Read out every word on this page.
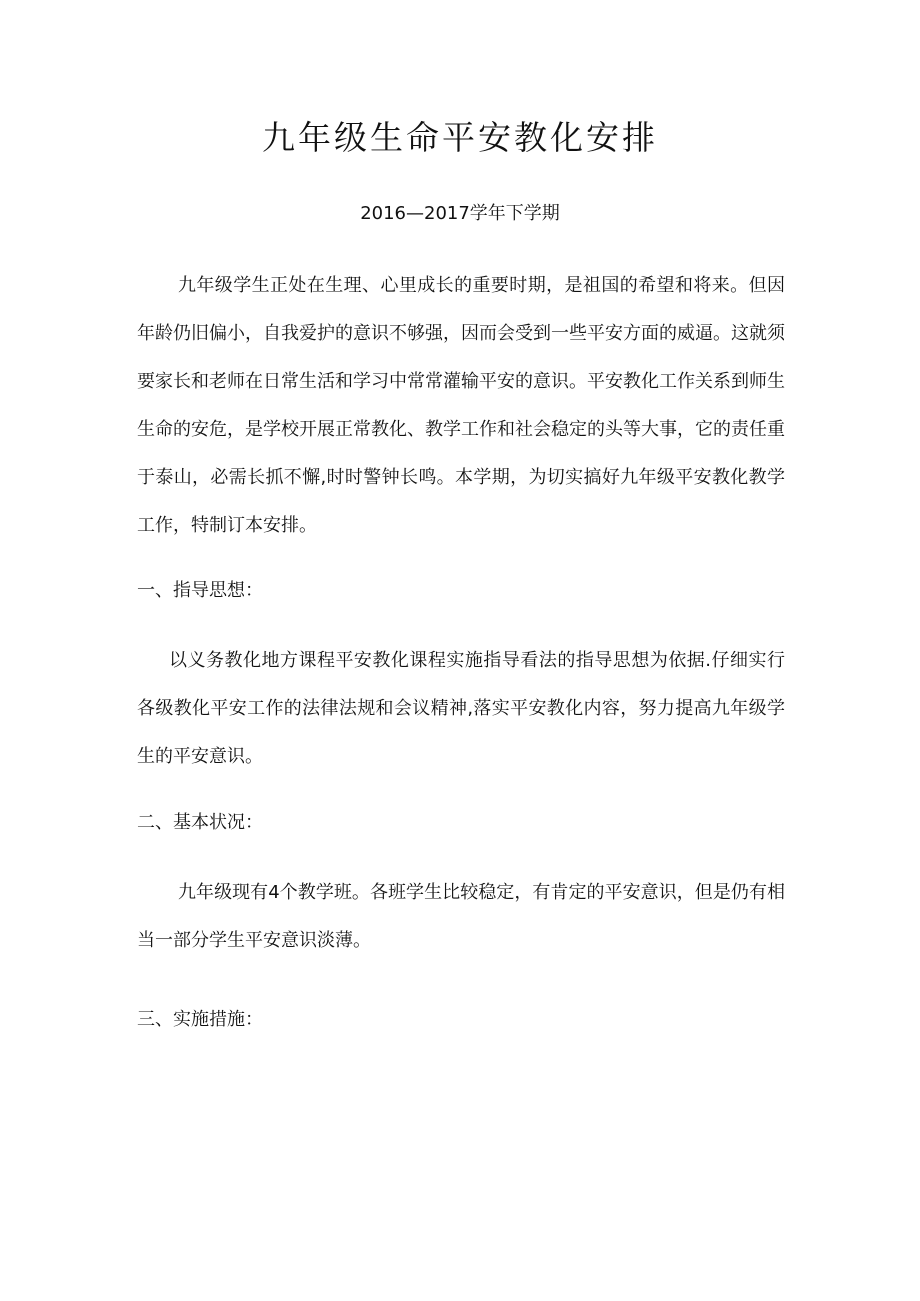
九年级生命平安教化安排

2016—2017学年下学期

九年级学生正处在生理、心里成长的重要时期，是祖国的希望和将来。但因年龄仍旧偏小，自我爱护的意识不够强，因而会受到一些平安方面的威逼。这就须要家长和老师在日常生活和学习中常常灌输平安的意识。平安教化工作关系到师生生命的安危，是学校开展正常教化、教学工作和社会稳定的头等大事，它的责任重于泰山，必需长抓不懈,时时警钟长鸣。本学期，为切实搞好九年级平安教化教学工作，特制订本安排。

一、指导思想：

以义务教化地方课程平安教化课程实施指导看法的指导思想为依据.仔细实行各级教化平安工作的法律法规和会议精神,落实平安教化内容，努力提高九年级学生的平安意识。

二、基本状况：

九年级现有4个教学班。各班学生比较稳定，有肯定的平安意识，但是仍有相当一部分学生平安意识淡薄。

三、实施措施：
